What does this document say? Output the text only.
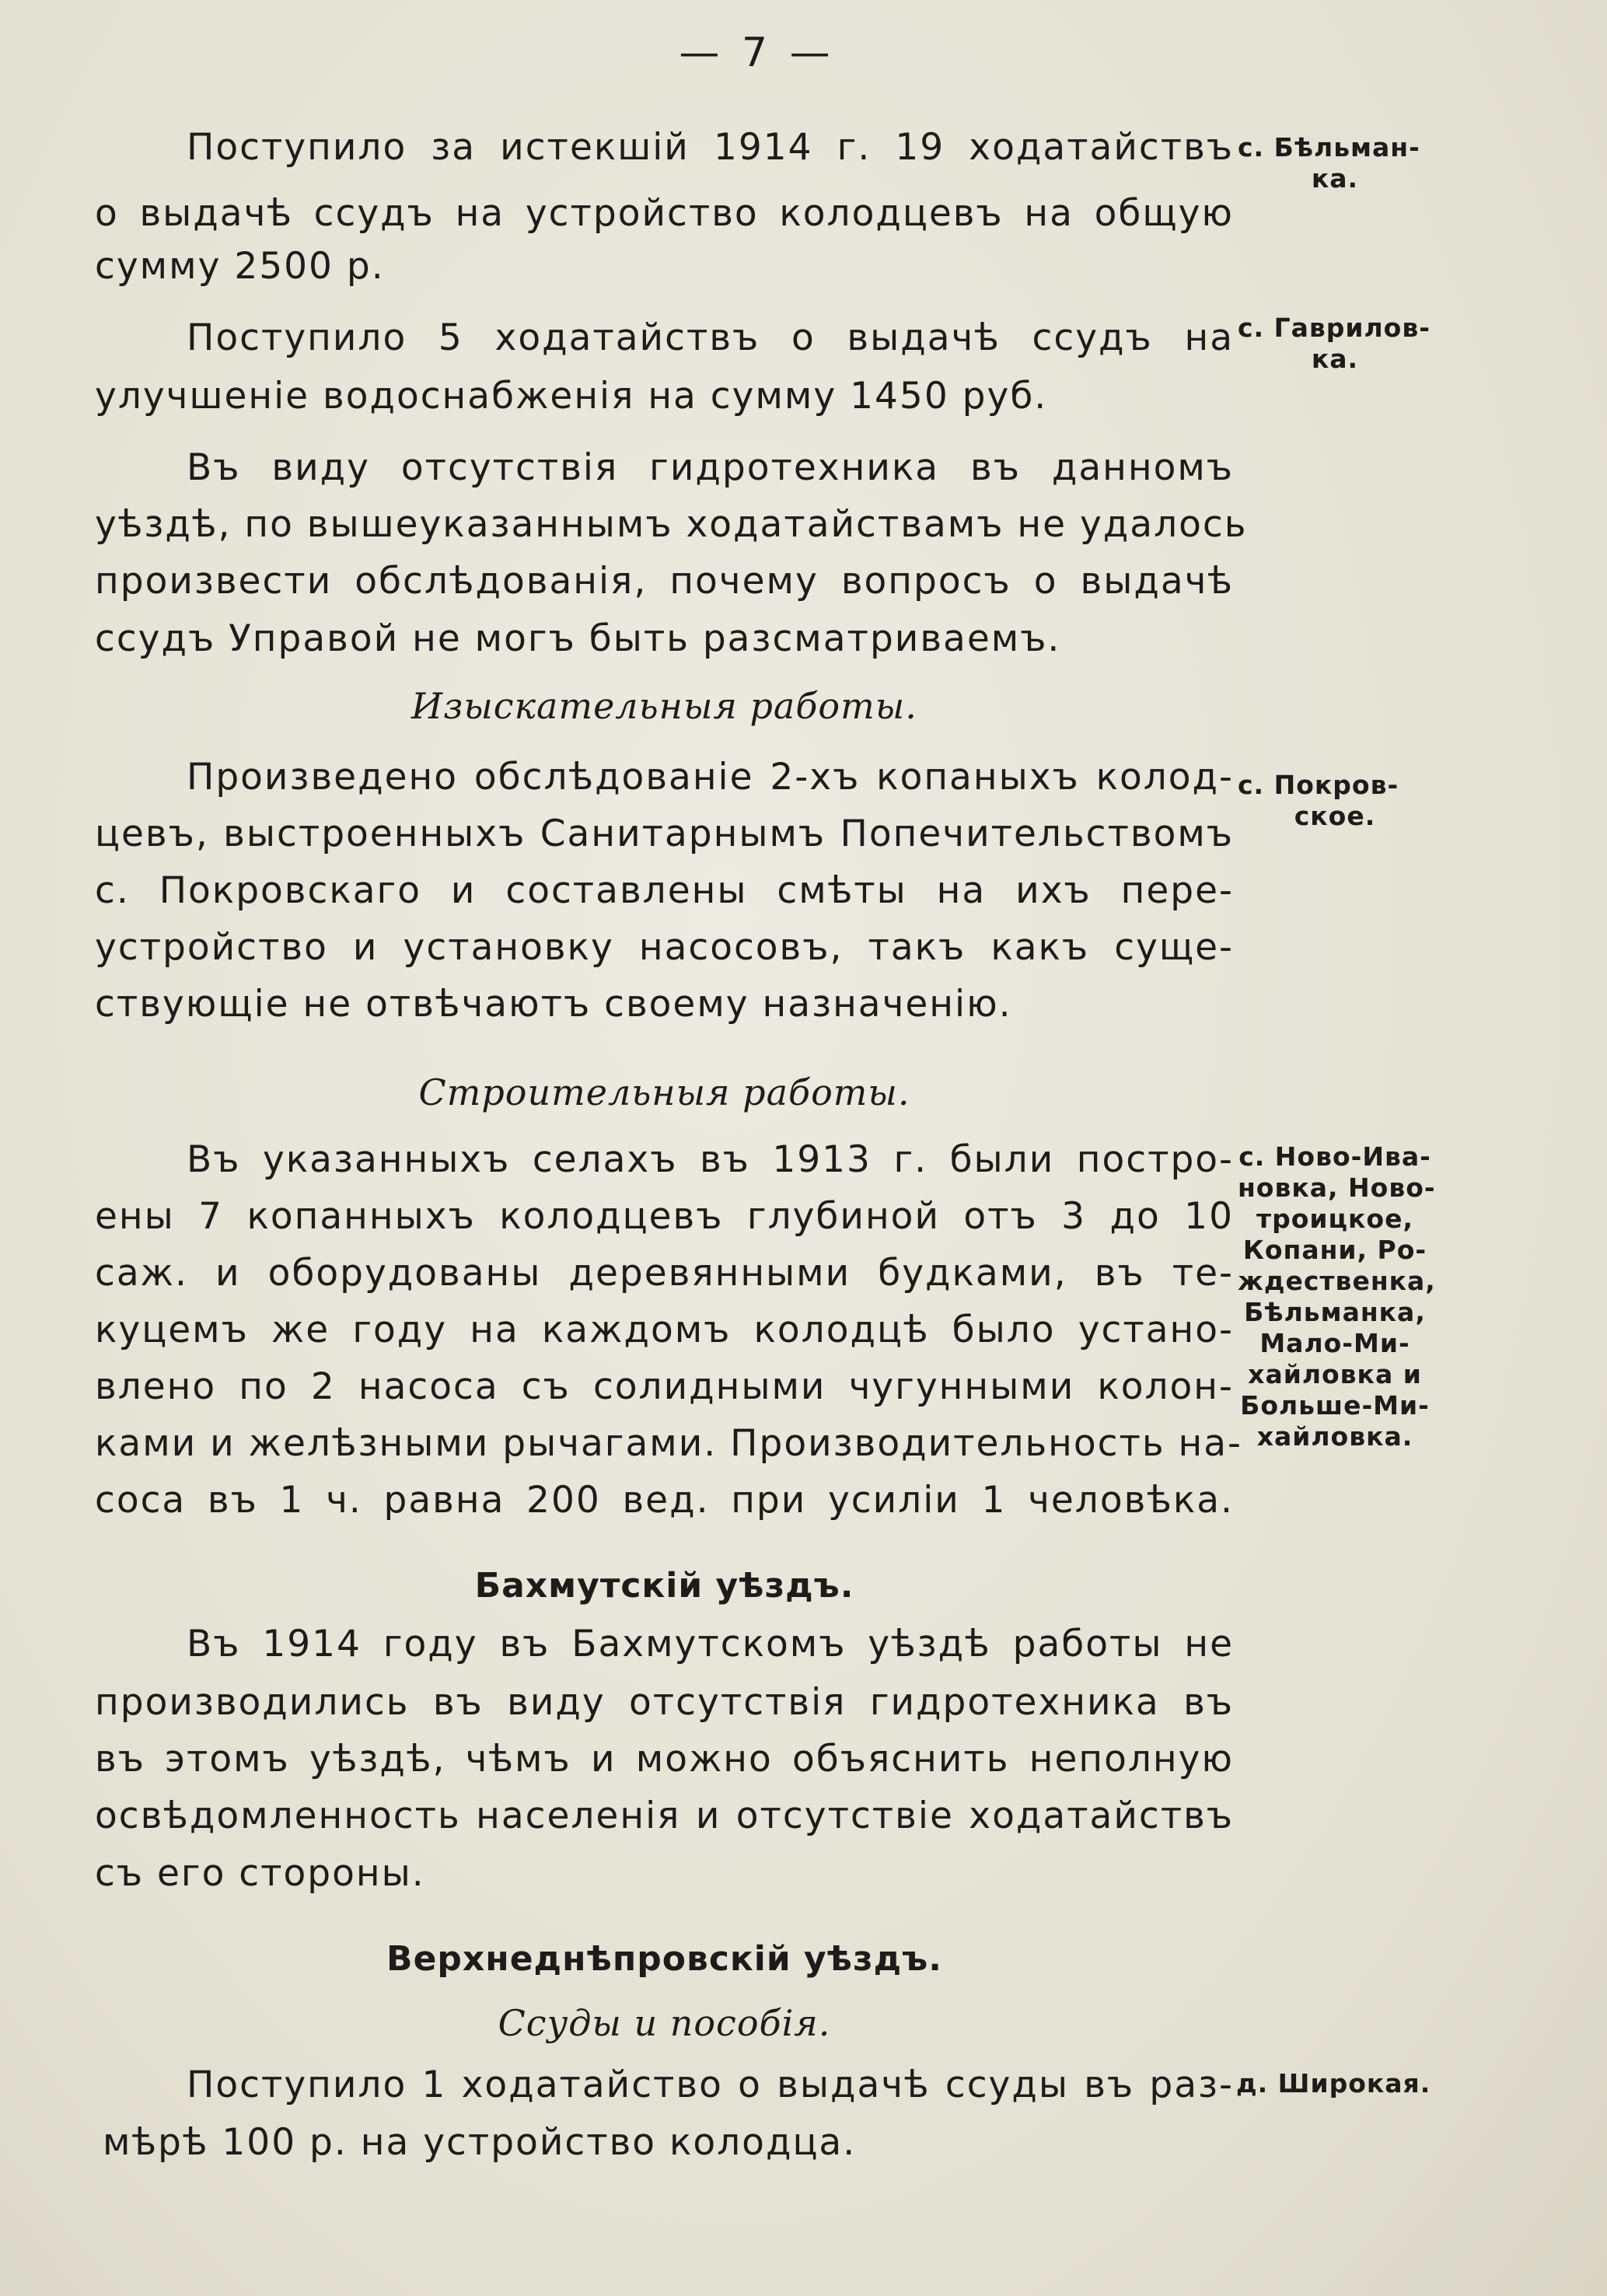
— 7 —
Поступило за истекшій 1914 г. 19 ходатайствъ
о выдачѣ ссудъ на устройство колодцевъ на общую
сумму 2500 р.
с. Бѣльман-
ка.
Поступило 5 ходатайствъ о выдачѣ ссудъ на
улучшеніе водоснабженія на сумму 1450 руб.
с. Гаврилов-
ка.
Въ виду отсутствія гидротехника въ данномъ
уѣздѣ, по вышеуказаннымъ ходатайствамъ не удалось
произвести обслѣдованія, почему вопросъ о выдачѣ
ссудъ Управой не могъ быть разсматриваемъ.
Изыскательныя работы.
Произведено обслѣдованіе 2-хъ копаныхъ колод-
цевъ, выстроенныхъ Санитарнымъ Попечительствомъ
с. Покровскаго и составлены смѣты на ихъ пере-
устройство и установку насосовъ, такъ какъ суще-
ствующіе не отвѣчаютъ своему назначенію.
с. Покров-
ское.
Строительныя работы.
Въ указанныхъ селахъ въ 1913 г. были постро-
ены 7 копанныхъ колодцевъ глубиной отъ 3 до 10
саж. и оборудованы деревянными будками, въ те-
куцемъ же году на каждомъ колодцѣ было устано-
влено по 2 насоса съ солидными чугунными колон-
ками и желѣзными рычагами. Производительность на-
соса въ 1 ч. равна 200 вед. при усиліи 1 человѣка.
с. Ново-Ива-
новка, Ново-
троицкое,
Копани, Ро-
ждественка,
Бѣльманка,
Мало-Ми-
хайловка и
Больше-Ми-
хайловка.
Бахмутскій уѣздъ.
Въ 1914 году въ Бахмутскомъ уѣздѣ работы не
производились въ виду отсутствія гидротехника въ
въ этомъ уѣздѣ, чѣмъ и можно объяснить неполную
освѣдомленность населенія и отсутствіе ходатайствъ
съ его стороны.
Верхнеднѣпровскій уѣздъ.
Ссуды и пособія.
Поступило 1 ходатайство о выдачѣ ссуды въ раз-
мѣрѣ 100 р. на устройство колодца.
д. Широкая.
